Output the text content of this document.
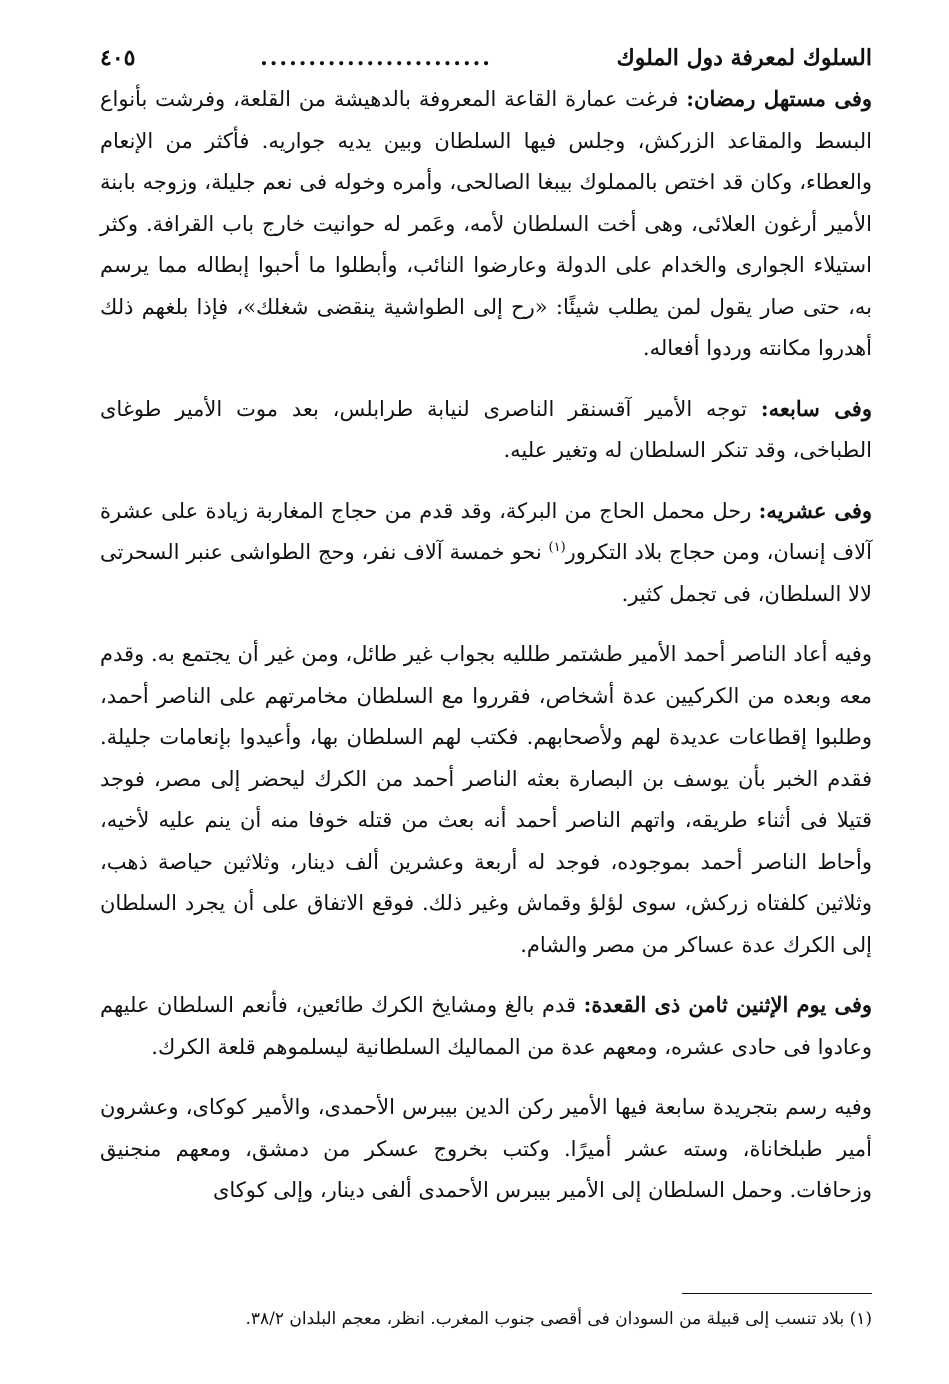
السلوك لمعرفة دول الملوك
........................
٤٠٥

وفى مستهل رمضان: فرغت عمارة القاعة المعروفة بالدهيشة من القلعة، وفرشت بأنواع البسط والمقاعد الزركش، وجلس فيها السلطان وبين يديه جواريه. فأكثر من الإنعام والعطاء، وكان قد اختص بالمملوك بيبغا الصالحى، وأمره وخوله فى نعم جليلة، وزوجه بابنة الأمير أرغون العلائى، وهى أخت السلطان لأمه، وعَمر له حوانيت خارج باب القرافة. وكثر استيلاء الجوارى والخدام على الدولة وعارضوا النائب، وأبطلوا ما أحبوا إبطاله مما يرسم به، حتى صار يقول لمن يطلب شيئًا: «رح إلى الطواشية ينقضى شغلك»، فإذا بلغهم ذلك أهدروا مكانته وردوا أفعاله.

وفى سابعه: توجه الأمير آقسنقر الناصرى لنيابة طرابلس، بعد موت الأمير طوغاى الطباخى، وقد تنكر السلطان له وتغير عليه.

وفى عشريه: رحل محمل الحاج من البركة، وقد قدم من حجاج المغاربة زيادة على عشرة آلاف إنسان، ومن حجاج بلاد التكرور$^{(١)}$ نحو خمسة آلاف نفر، وحج الطواشى عنبر السحرتى لالا السلطان، فى تجمل كثير.

وفيه أعاد الناصر أحمد الأمير طشتمر طلليه بجواب غير طائل، ومن غير أن يجتمع به. وقدم معه وبعده من الكركيين عدة أشخاص، فقرروا مع السلطان مخامرتهم على الناصر أحمد، وطلبوا إقطاعات عديدة لهم ولأصحابهم. فكتب لهم السلطان بها، وأعيدوا بإنعامات جليلة. فقدم الخبر بأن يوسف بن البصارة بعثه الناصر أحمد من الكرك ليحضر إلى مصر، فوجد قتيلا فى أثناء طريقه، واتهم الناصر أحمد أنه بعث من قتله خوفا منه أن ينم عليه لأخيه، وأحاط الناصر أحمد بموجوده، فوجد له أربعة وعشرين ألف دينار، وثلاثين حياصة ذهب، وثلاثين كلفتاه زركش، سوى لؤلؤ وقماش وغير ذلك. فوقع الاتفاق على أن يجرد السلطان إلى الكرك عدة عساكر من مصر والشام.

وفى يوم الإثنين ثامن ذى القعدة: قدم بالغ ومشايخ الكرك طائعين، فأنعم السلطان عليهم وعادوا فى حادى عشره، ومعهم عدة من المماليك السلطانية ليسلموهم قلعة الكرك.

وفيه رسم بتجريدة سابعة فيها الأمير ركن الدين بيبرس الأحمدى، والأمير كوكاى، وعشرون أمير طبلخاناة، وسته عشر أميرًا. وكتب بخروج عسكر من دمشق، ومعهم منجنيق وزحافات. وحمل السلطان إلى الأمير بيبرس الأحمدى ألفى دينار، وإلى كوكاى

(١) بلاد تنسب إلى قبيلة من السودان فى أقصى جنوب المغرب. انظر، معجم البلدان ٣٨/٢.
